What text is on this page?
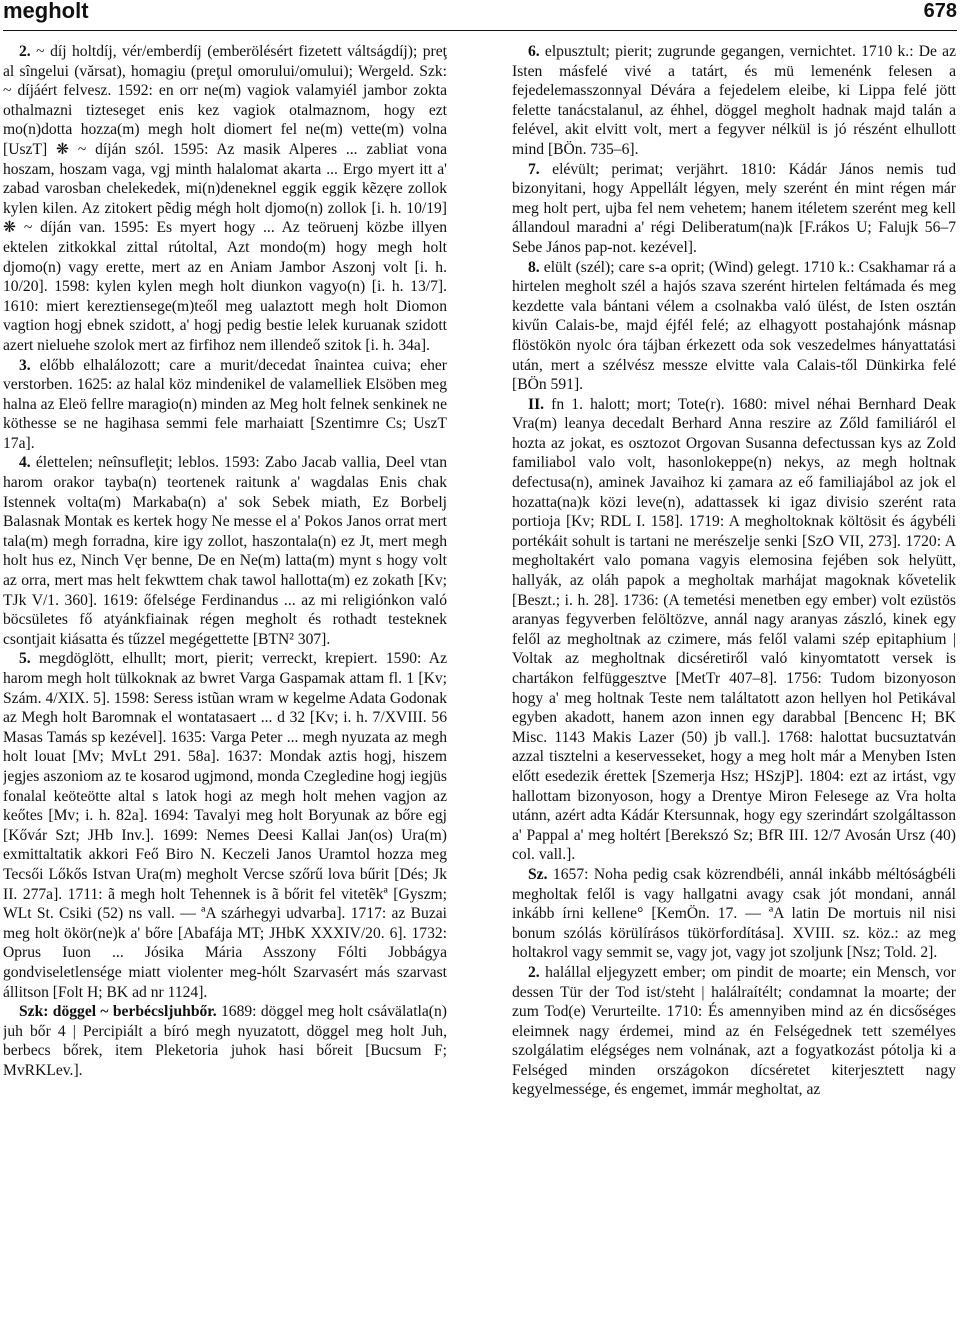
megholt	678

2. ~ díj holtdíj, vér/emberdíj (emberölésért fizetett váltságdíj); preţ al sîngelui (vărsat), homagiu (preţul omorului/omului); Wergeld. Szk: ~ díjáért felvesz. 1592: en orr ne(m) vagiok valamyiél jambor zokta othalmazni tizteseget enis kez vagiok otalmaznom, hogy ezt mo(n)dotta hozza(m) megh holt diomert fel ne(m) vette(m) volna [UszT] ❋ ~ díján szól. 1595: Az masik Alperes ... zabliat vona hoszam, hoszam vaga, vgj minth halalomat akarta ... Ergo myert itt a' zabad varosban chelekedek, mi(n)deneknel eggik eggik kẽzęre zollok kylen kilen. Az zitokert pẽdig mégh holt djomo(n) zollok [i. h. 10/19] ❋ ~ díján van. 1595: Es myert hogy ... Az teöruenj közbe illyen ektelen zitkokkal zittal rútoltal, Azt mondo(m) hogy megh holt djomo(n) vagy erette, mert az en Aniam Jambor Aszonj volt [i. h. 10/20]. 1598: kylen kylen megh holt diunkon vagyo(n) [i. h. 13/7]. 1610: miert kereztiensege(m)teől meg ualaztott megh holt Diomon vagtion hogj ebnek szidott, a' hogj pedig bestie lelek kuruanak szidott azert nieluehe szolok mert az firfihoz nem illendeő szitok [i. h. 34a].

3. előbb elhalálozott; care a murit/decedat înaintea cuiva; eher verstorben. 1625: az halal köz mindenikel de valamelliek Elsöben meg halna az Eleö fellre maragio(n) minden az Meg holt felnek senkinek ne köthesse se ne hagihasa semmi fele marhaiatt [Szentimre Cs; UszT 17a].

4. élettelen; neînsufleţit; leblos. 1593: Zabo Jacab vallia, Deel vtan harom orakor tayba(n) teortenek raitunk a' wagdalas Enis chak Istennek volta(m) Markaba(n) a' sok Sebek miath, Ez Borbelj Balasnak Montak es kertek hogy Ne messe el a' Pokos Janos orrat mert tala(m) megh forradna, kire igy zollot, haszontala(n) ez Jt, mert megh holt hus ez, Ninch Vęr benne, De en Ne(m) latta(m) mynt s hogy volt az orra, mert mas helt fekwttem chak tawol hallotta(m) ez zokath [Kv; TJk V/1. 360]. 1619: őfelsége Ferdinandus ... az mi religiónkon való böcsületes fő atyánkfiainak régen megholt és rothadt testeknek csontjait kiásatta és tűzzel megégettette [BTN² 307].

5. megdöglött, elhullt; mort, pierit; verreckt, krepiert. 1590: Az harom megh holt tülkoknak az bwret Varga Gaspamak attam fl. 1 [Kv; Szám. 4/XIX. 5]. 1598: Seress istũan wram w kegelme Adata Godonak az Megh holt Baromnak el wontatasaert ... d 32 [Kv; i. h. 7/XVIII. 56 Masas Tamás sp kezével]. 1635: Varga Peter ... megh nyuzata az megh holt louat [Mv; MvLt 291. 58a]. 1637: Mondak aztis hogj, hiszem jegjes aszoniom az te kosarod ugjmond, monda Czegledine hogj iegjüs fonalal keöteötte altal s latok hogi az megh holt mehen vagjon az keőtes [Mv; i. h. 82a]. 1694: Tavalyi meg holt Boryunak az bőre egj [Kővár Szt; JHb Inv.]. 1699: Nemes Deesi Kallai Jan(os) Ura(m) exmittaltatik akkori Feő Biro N. Keczeli Janos Uramtol hozza meg Tecsői Lőkős Istvan Ura(m) megholt Vercse szőrű lova bűrit [Dés; Jk II. 277a]. 1711: ã megh holt Tehennek is ã bőrit fel vitetẽkª [Gyszm; WLt St. Csiki (52) ns vall. — ªA szárhegyi udvarba]. 1717: az Buzai meg holt ökör(ne)k a' bőre [Abafája MT; JHbK XXXIV/20. 6]. 1732: Oprus Iuon ... Jósika Mária Asszony Fólti Jobbágya gondviseletlensége miatt violenter meg-hólt Szarvasért más szarvast állitson [Folt H; BK ad nr 1124].

Szk: döggel ~ berbécsljuhbőr. 1689: döggel meg holt csávälatla(n) juh bőr 4 | Percipiált a bíró megh nyuzatott, döggel meg holt Juh, berbecs bőrek, item Pleketoria juhok hasi bőreit [Bucsum F; MvRKLev.].

6. elpusztult; pierit; zugrunde gegangen, vernichtet. 1710 k.: De az Isten másfelé vivé a tatárt, és mü lemenénk felesen a fejedelemasszonnyal Dévára a fejedelem eleibe, ki Lippa felé jött felette tanácstalanul, az éhhel, döggel megholt hadnak majd talán a felével, akit elvitt volt, mert a fegyver nélkül is jó részént elhullott mind [BÖn. 735–6].

7. elévült; perimat; verjährt. 1810: Kádár János nemis tud bizonyitani, hogy Appellált légyen, mely szerént én mint régen már meg holt pert, ujba fel nem vehetem; hanem itéletem szerént meg kell állandoul maradni a' régi Deliberatum(na)k [F.rákos U; Falujk 56–7 Sebe János pap-not. kezével].

8. elült (szél); care s-a oprit; (Wind) gelegt. 1710 k.: Csakhamar rá a hirtelen megholt szél a hajós szava szerént hirtelen feltámada és meg kezdette vala bántani vélem a csolnakba való ülést, de Isten osztán kivűn Calais-be, majd éjfél felé; az elhagyott postahajónk másnap flöstökön nyolc óra tájban érkezett oda sok veszedelmes hányattatási után, mert a szélvész messze elvitte vala Calais-től Dünkirka felé [BÖn 591].

II. fn 1. halott; mort; Tote(r). 1680: mivel néhai Bernhard Deak Vra(m) leanya decedalt Berhard Anna reszire az Zőld familiáról el hozta az jokat, es osztozot Orgovan Susanna defectussan kys az Zold familiabol valo volt, hasonlokeppe(n) nekys, az megh holtnak defectusa(n), aminek Javaihoz ki ẓamara az eő familiajábol az jok el hozatta(na)k közi leve(n), adattassek ki igaz divisio szerént rata portioja [Kv; RDL I. 158]. 1719: A megholtoknak költösit és ágybéli portékáit sohult is tartani ne merészelje senki [SzO VII, 273]. 1720: A megholtakért valo pomana vagyis elemosina fejében sok helyütt, hallyák, az oláh papok a megholtak marhájat magoknak kővetelik [Beszt.; i. h. 28]. 1736: (A temetési menetben egy ember) volt ezüstös aranyas fegyverben felöltözve, annál nagy aranyas zászló, kinek egy felől az megholtnak az czimere, más felől valami szép epitaphium | Voltak az megholtnak dicséretiről való kinyomtatott versek is chartákon felfüggesztve [MetTr 407–8]. 1756: Tudom bizonyoson hogy a' meg holtnak Teste nem találtatott azon hellyen hol Petikával egyben akadott, hanem azon innen egy darabbal [Bencenc H; BK Misc. 1143 Makis Lazer (50) jb vall.]. 1768: halottat bucsuztatván azzal tisztelni a keservesseket, hogy a meg holt már a Menyben Isten előtt esedezik érettek [Szemerja Hsz; HSzjP]. 1804: ezt az irtást, vgy hallottam bizonyoson, hogy a Drentye Miron Felesege az Vra holta utánn, azért adta Kádár Ktersunnak, hogy egy szerindárt szolgáltasson a' Pappal a' meg holtért [Berekszó Sz; BfR III. 12/7 Avosán Ursz (40) col. vall.].

Sz. 1657: Noha pedig csak közrendbéli, annál inkább méltóságbéli megholtak felől is vagy hallgatni avagy csak jót mondani, annál inkább írni kellene° [KemÖn. 17. — ªA latin De mortuis nil nisi bonum szólás körülírásos tükörfordítása]. XVIII. sz. köz.: az meg holtakrol vagy semmit se, vagy jot, vagy jot szoljunk [Nsz; Told. 2].

2. halállal eljegyzett ember; om pindit de moarte; ein Mensch, vor dessen Tür der Tod ist/steht | halálraítélt; condamnat la moarte; der zum Tod(e) Verurteilte. 1710: És amennyiben mind az én dicsőséges eleimnek nagy érdemei, mind az én Felségednek tett személyes szolgálatim elégséges nem volnának, azt a fogyatkozást pótolja ki a Felséged minden országokon dícséretet kiterjesztett nagy kegyelmessége, és engemet, immár megholtat, az
